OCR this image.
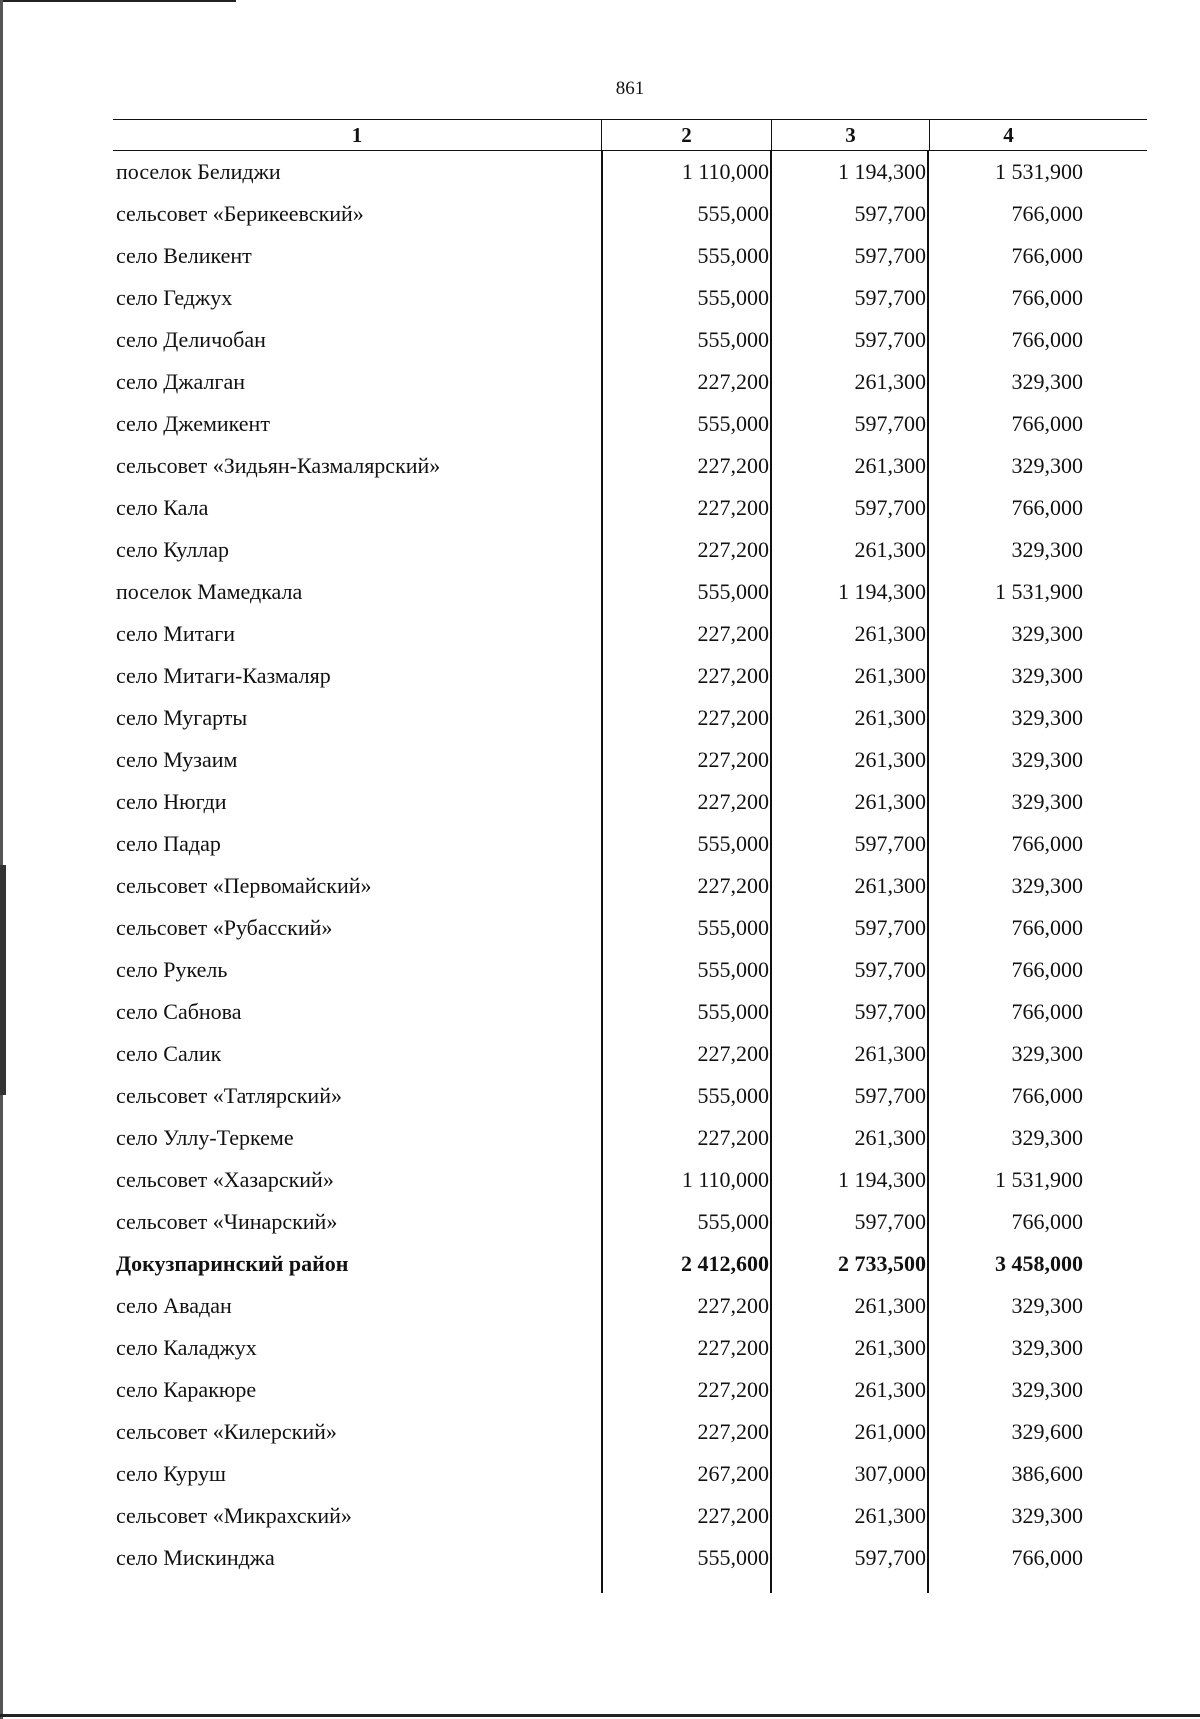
861
1	2	3	4
поселок Белиджи	1 110,000	1 194,300	1 531,900
сельсовет «Берикеевский»	555,000	597,700	766,000
село Великент	555,000	597,700	766,000
село Геджух	555,000	597,700	766,000
село Деличобан	555,000	597,700	766,000
село Джалган	227,200	261,300	329,300
село Джемикент	555,000	597,700	766,000
сельсовет «Зидьян-Казмалярский»	227,200	261,300	329,300
село Кала	227,200	597,700	766,000
село Куллар	227,200	261,300	329,300
поселок Мамедкала	555,000	1 194,300	1 531,900
село Митаги	227,200	261,300	329,300
село Митаги-Казмаляр	227,200	261,300	329,300
село Мугарты	227,200	261,300	329,300
село Музаим	227,200	261,300	329,300
село Нюгди	227,200	261,300	329,300
село Падар	555,000	597,700	766,000
сельсовет «Первомайский»	227,200	261,300	329,300
сельсовет «Рубасский»	555,000	597,700	766,000
село Рукель	555,000	597,700	766,000
село Сабнова	555,000	597,700	766,000
село Салик	227,200	261,300	329,300
сельсовет «Татлярский»	555,000	597,700	766,000
село Уллу-Теркеме	227,200	261,300	329,300
сельсовет «Хазарский»	1 110,000	1 194,300	1 531,900
сельсовет «Чинарский»	555,000	597,700	766,000
Докузпаринский район	2 412,600	2 733,500	3 458,000
село Авадан	227,200	261,300	329,300
село Каладжух	227,200	261,300	329,300
село Каракюре	227,200	261,300	329,300
сельсовет «Килерский»	227,200	261,000	329,600
село Куруш	267,200	307,000	386,600
сельсовет «Микрахский»	227,200	261,300	329,300
село Мискинджа	555,000	597,700	766,000
